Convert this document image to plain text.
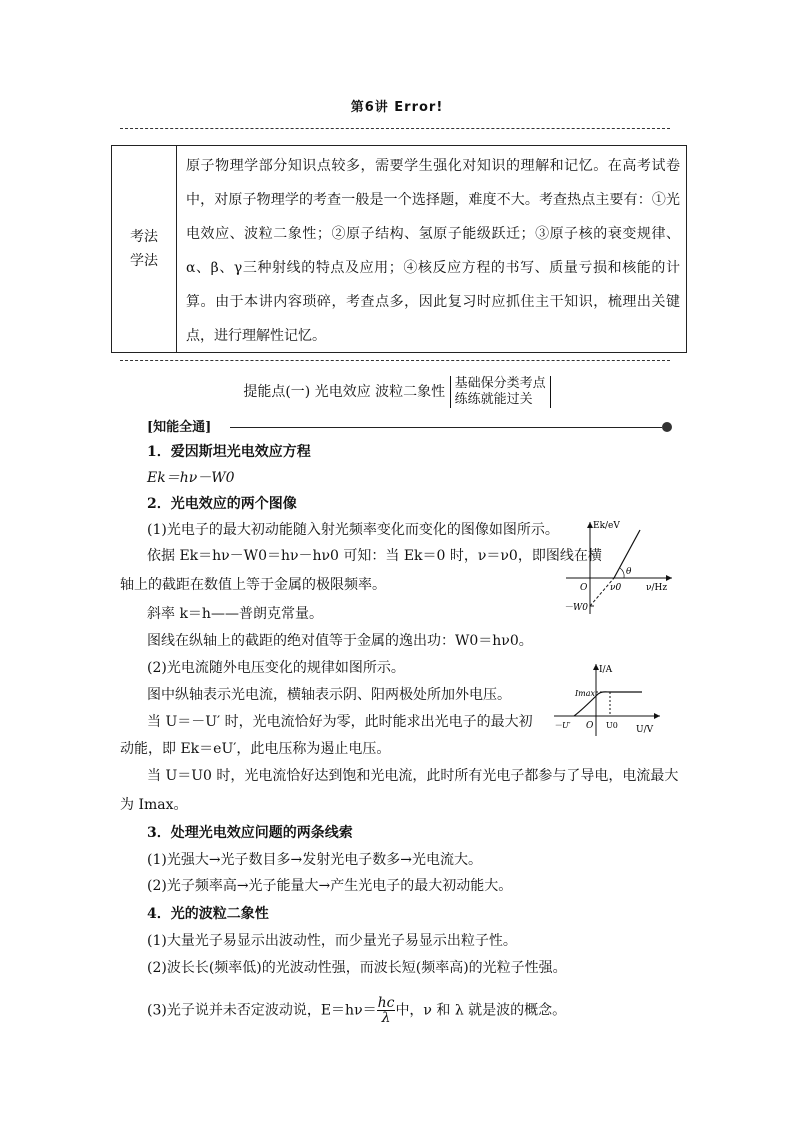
第6讲 Error!
考法
学法
原子物理学部分知识点较多，需要学生强化对知识的理解和记忆。在高考试卷中，对原子物理学的考查一般是一个选择题，难度不大。考查热点主要有：①光电效应、波粒二象性；②原子结构、氢原子能级跃迁；③原子核的衰变规律、α、β、γ三种射线的特点及应用；④核反应方程的书写、质量亏损和核能的计算。由于本讲内容琐碎，考查点多，因此复习时应抓住主干知识，梳理出关键点，进行理解性记忆。
提能点(一) 光电效应 波粒二象性 基础保分类考点
练练就能过关
[知能全通]
1．爱因斯坦光电效应方程
Ek＝hν－W0
2．光电效应的两个图像
(1)光电子的最大初动能随入射光频率变化而变化的图像如图所示。
依据 Ek＝hν－W0＝hν－hν0 可知：当 Ek＝0 时，ν＝ν0，即图线在横
轴上的截距在数值上等于金属的极限频率。
斜率 k＝h——普朗克常量。
图线在纵轴上的截距的绝对值等于金属的逸出功：W0＝hν0。
(2)光电流随外电压变化的规律如图所示。
图中纵轴表示光电流，横轴表示阴、阳两极处所加外电压。
当 U＝－U′ 时，光电流恰好为零，此时能求出光电子的最大初
动能，即 Ek＝eU′，此电压称为遏止电压。
当 U＝U0 时，光电流恰好达到饱和光电流，此时所有光电子都参与了导电，电流最大
为 Imax。
3．处理光电效应问题的两条线索
(1)光强大→光子数目多→发射光电子数多→光电流大。
(2)光子频率高→光子能量大→产生光电子的最大初动能大。
4．光的波粒二象性
(1)大量光子易显示出波动性，而少量光子易显示出粒子性。
(2)波长长(频率低)的光波动性强，而波长短(频率高)的光粒子性强。
(3)光子说并未否定波动说，$E=h\nu= \frac{hc}{\lambda}$ 中，ν 和 λ 就是波的概念。
Ek/eV
ν/Hz
O	ν0
θ
－W0
I/A
U/V
O
Imax
U0
－U′
